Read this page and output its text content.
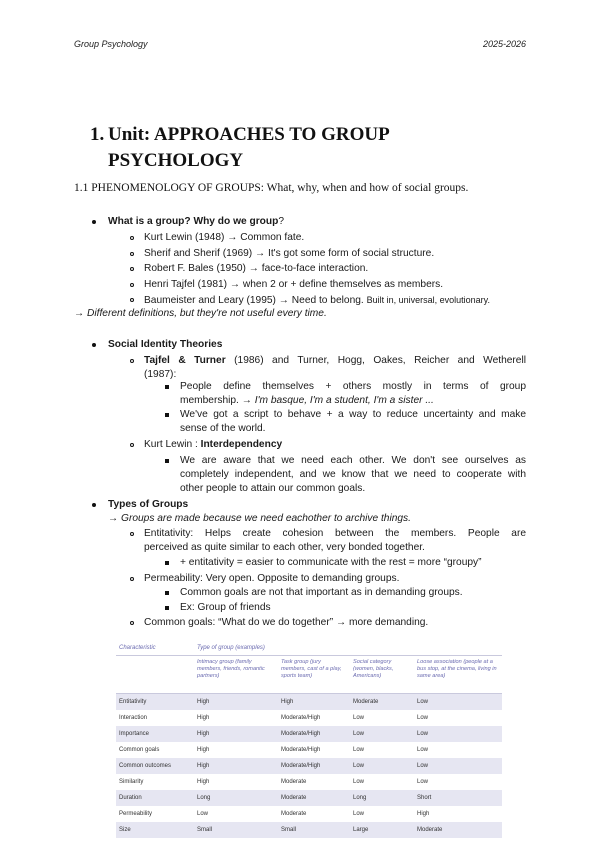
Group Psychology	2025-2026
1. Unit: APPROACHES TO GROUP
PSYCHOLOGY
1.1 PHENOMENOLOGY OF GROUPS: What, why, when and how of social groups.
What is a group? Why do we group?
Kurt Lewin (1948) → Common fate.
Sherif and Sherif (1969) → It's got some form of social structure.
Robert F. Bales (1950) → face-to-face interaction.
Henri Tajfel (1981) → when 2 or + define themselves as members.
Baumeister and Leary (1995) → Need to belong. Built in, universal, evolutionary.
→ Different definitions, but they're not useful every time.
Social Identity Theories
Tajfel & Turner (1986) and Turner, Hogg, Oakes, Reicher and Wetherell
(1987):
People define themselves + others mostly in terms of group
membership. → I'm basque, I'm a student, I'm a sister ...
We've got a script to behave + a way to reduce uncertainty and make
sense of the world.
Kurt Lewin : Interdependency
We are aware that we need each other. We don't see ourselves as
completely independent, and we know that we need to cooperate with
other people to attain our common goals.
Types of Groups
→ Groups are made because we need eachother to archive things.
Entitativity: Helps create cohesion between the members. People are
perceived as quite similar to each other, very bonded together.
+ entitativity = easier to communicate with the rest = more “groupy”
Permeability: Very open. Opposite to demanding groups.
Common goals are not that important as in demanding groups.
Ex: Group of friends
Common goals: “What do we do together” → more demanding.
Characteristic	Type of group (examples)			
	Intimacy group (family members, friends, romantic partners)	Task group (jury members, cast of a play, sports team)	Social category (women, blacks, Americans)	Loose association (people at a bus stop, at the cinema, living in same area)
Entitativity	High	High	Moderate	Low
Interaction	High	Moderate/High	Low	Low
Importance	High	Moderate/High	Low	Low
Common goals	High	Moderate/High	Low	Low
Common outcomes	High	Moderate/High	Low	Low
Similarity	High	Moderate	Low	Low
Duration	Long	Moderate	Long	Short
Permeability	Low	Moderate	Low	High
Size	Small	Small	Large	Moderate
